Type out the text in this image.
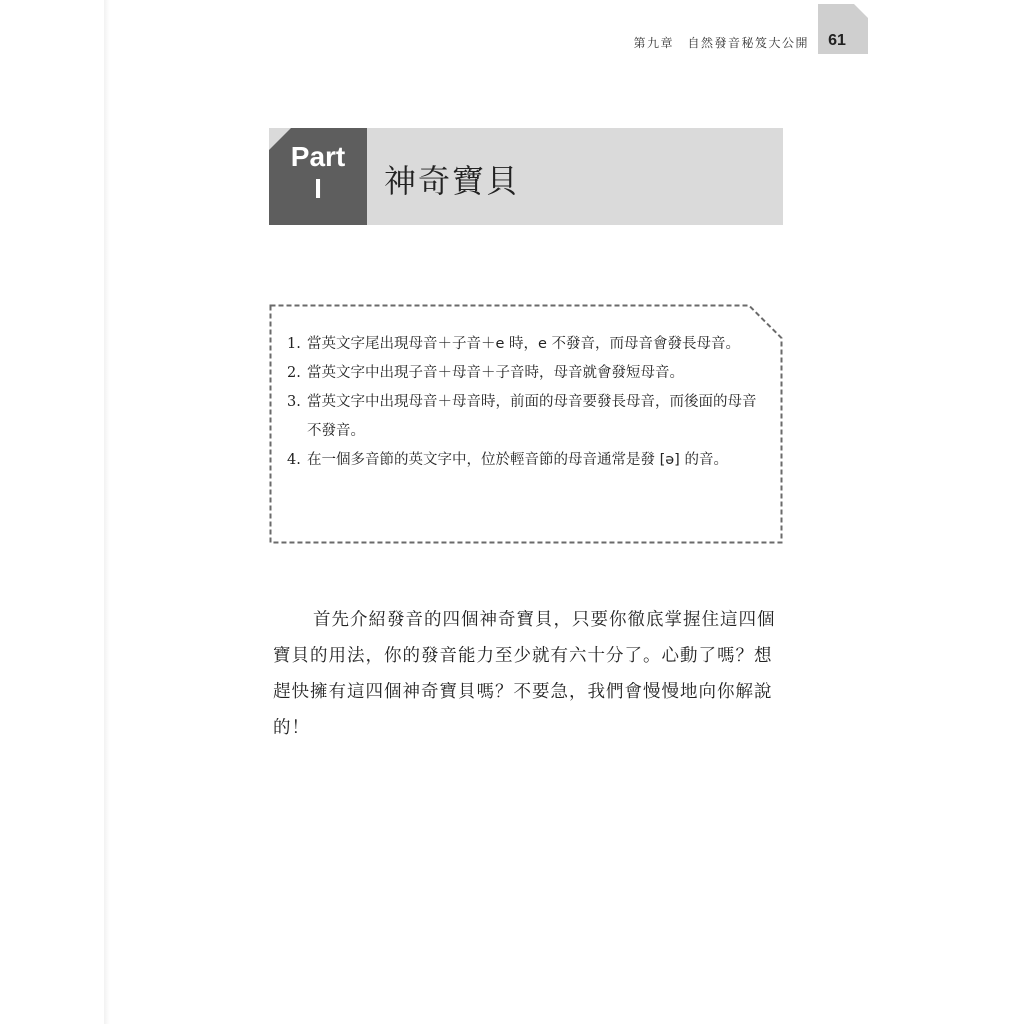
第九章　自然發音秘笈大公開	61
Part
I	神奇寶貝
1. 當英文字尾出現母音＋子音＋e 時，e 不發音，而母音會發長母音。
2. 當英文字中出現子音＋母音＋子音時，母音就會發短母音。
3. 當英文字中出現母音＋母音時，前面的母音要發長母音，而後面的母音不發音。
4. 在一個多音節的英文字中，位於輕音節的母音通常是發 [ə] 的音。

首先介紹發音的四個神奇寶貝，只要你徹底掌握住這四個寶貝的用法，你的發音能力至少就有六十分了。心動了嗎？想趕快擁有這四個神奇寶貝嗎？不要急，我們會慢慢地向你解說的！
